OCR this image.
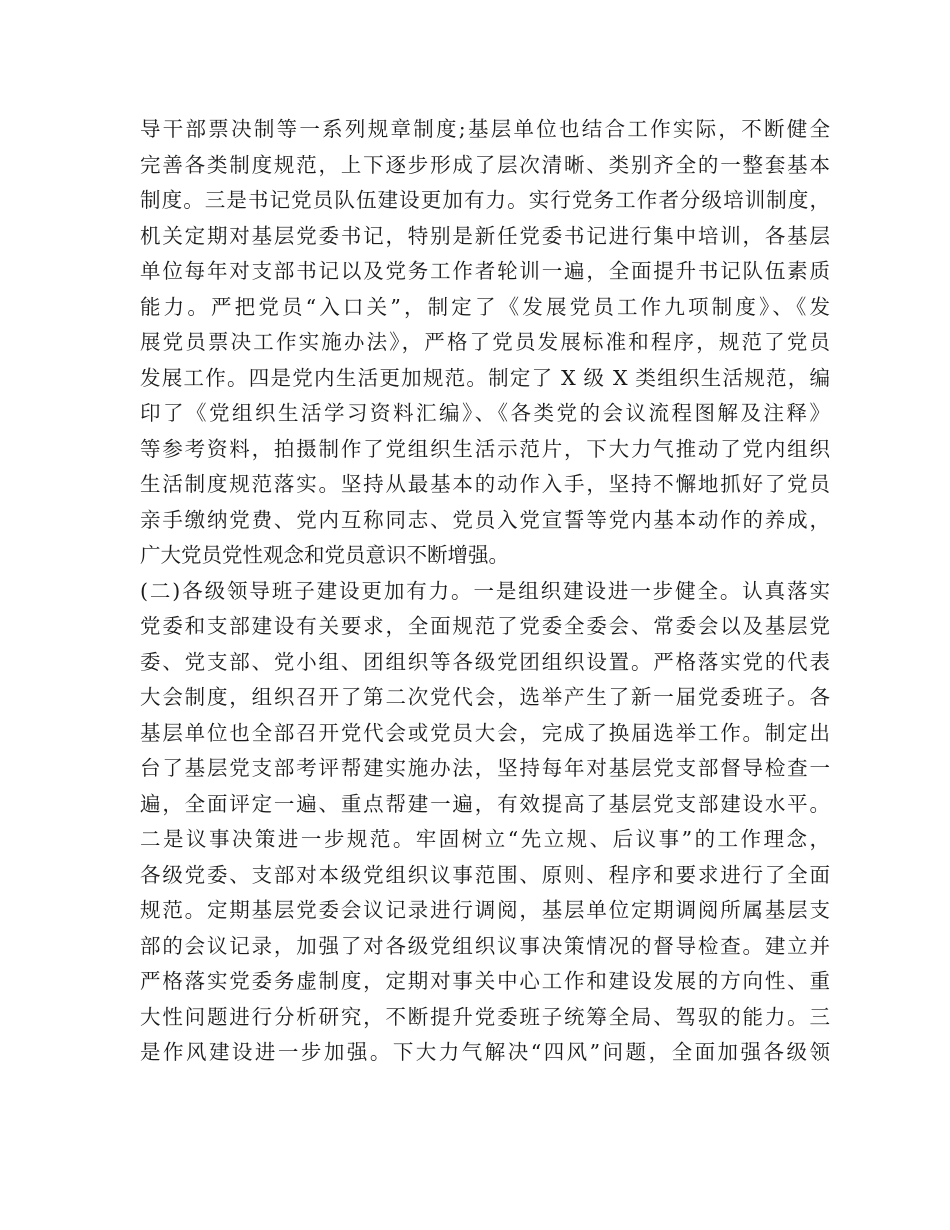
导干部票决制等一系列规章制度;基层单位也结合工作实际，不断健全
完善各类制度规范，上下逐步形成了层次清晰、类别齐全的一整套基本
制度。三是书记党员队伍建设更加有力。实行党务工作者分级培训制度，
机关定期对基层党委书记，特别是新任党委书记进行集中培训，各基层
单位每年对支部书记以及党务工作者轮训一遍，全面提升书记队伍素质
能力。严把党员“入口关”，制定了《发展党员工作九项制度》、《发
展党员票决工作实施办法》，严格了党员发展标准和程序，规范了党员
发展工作。四是党内生活更加规范。制定了 X 级 X 类组织生活规范，编
印了《党组织生活学习资料汇编》、《各类党的会议流程图解及注释》
等参考资料，拍摄制作了党组织生活示范片，下大力气推动了党内组织
生活制度规范落实。坚持从最基本的动作入手，坚持不懈地抓好了党员
亲手缴纳党费、党内互称同志、党员入党宣誓等党内基本动作的养成，
广大党员党性观念和党员意识不断增强。
(二)各级领导班子建设更加有力。一是组织建设进一步健全。认真落实
党委和支部建设有关要求，全面规范了党委全委会、常委会以及基层党
委、党支部、党小组、团组织等各级党团组织设置。严格落实党的代表
大会制度，组织召开了第二次党代会，选举产生了新一届党委班子。各
基层单位也全部召开党代会或党员大会，完成了换届选举工作。制定出
台了基层党支部考评帮建实施办法，坚持每年对基层党支部督导检查一
遍，全面评定一遍、重点帮建一遍，有效提高了基层党支部建设水平。
二是议事决策进一步规范。牢固树立“先立规、后议事”的工作理念，
各级党委、支部对本级党组织议事范围、原则、程序和要求进行了全面
规范。定期基层党委会议记录进行调阅，基层单位定期调阅所属基层支
部的会议记录，加强了对各级党组织议事决策情况的督导检查。建立并
严格落实党委务虚制度，定期对事关中心工作和建设发展的方向性、重
大性问题进行分析研究，不断提升党委班子统筹全局、驾驭的能力。三
是作风建设进一步加强。下大力气解决“四风”问题，全面加强各级领
